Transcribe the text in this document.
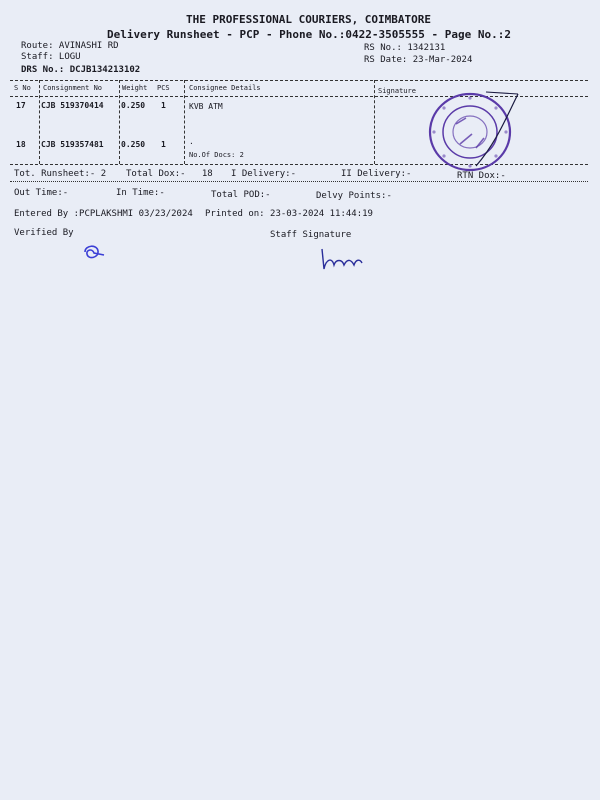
THE PROFESSIONAL COURIERS, COIMBATORE
Delivery Runsheet - PCP - Phone No.:0422-3505555 - Page No.:2
Route: AVINASHI RD
Staff: LOGU
DRS No.: DCJB134213102
RS No.: 1342131
RS Date: 23-Mar-2024
S No Consignment No	Weight PCS	Consignee Details	Signature
17 CJB 519370414 0.250 1	KVB ATM
18 CJB 519357481 0.250 1	.
No.Of Docs: 2
Tot. Runsheet:- 2 Total Dox:-   18 I Delivery:-	II Delivery:-	RTN Dox:-
Out Time:-	In Time:-	Total POD:-	Delvy Points:-
Entered By :PCPLAKSHMI 03/23/2024 Printed on: 23-03-2024 11:44:19
Verified By	Staff Signature
